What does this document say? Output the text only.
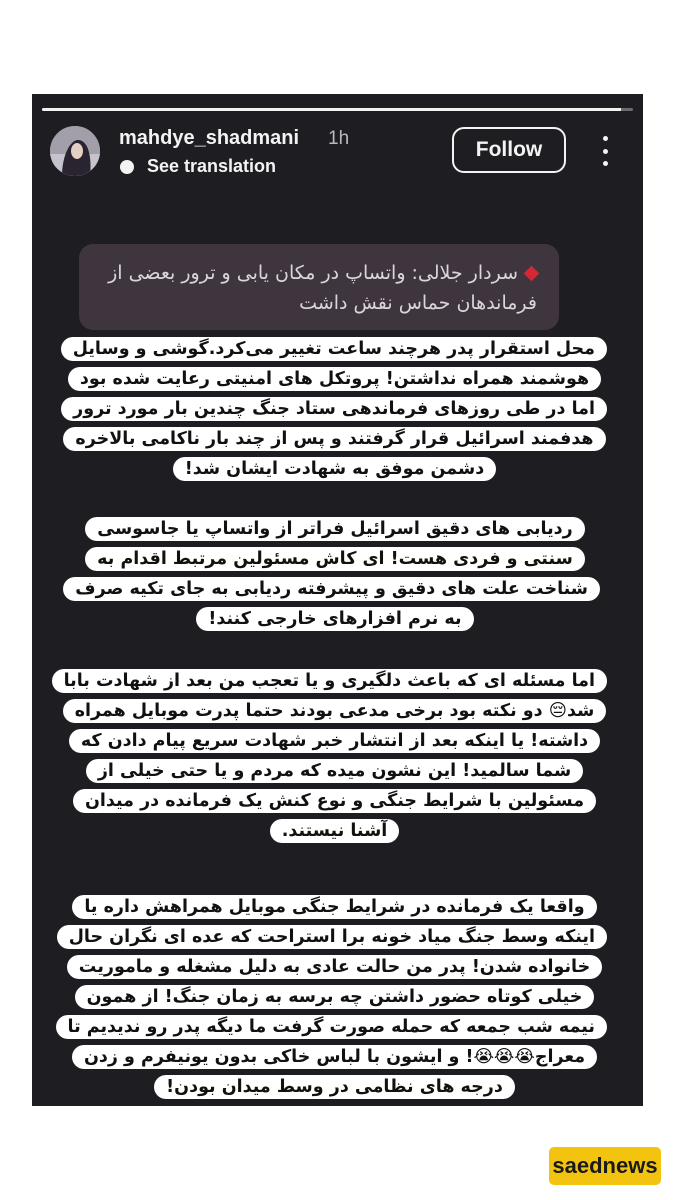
mahdye_shadmani 1h
See translation
Follow
سردار جلالی: واتساپ در مکان یابی و ترور بعضی از فرماندهان حماس نقش داشت
محل استقرار پدر هرچند ساعت تغییر می‌کرد.گوشی و وسایل هوشمند همراه نداشتن! پروتکل های امنیتی رعایت شده بود اما در طی روزهای فرماندهی ستاد جنگ چندین بار مورد ترور هدفمند اسرائیل قرار گرفتند و پس از چند بار ناکامی بالاخره دشمن موفق به شهادت ایشان شد!
ردیابی های دقیق اسرائیل فراتر از واتساپ یا جاسوسی سنتی و فردی هست! ای کاش مسئولین مرتبط اقدام به شناخت علت های دقیق و پیشرفته ردیابی به جای تکیه صرف به نرم افزارهای خارجی کنند!
اما مسئله ای که باعث دلگیری و یا تعجب من بعد از شهادت بابا شد😔 دو نکته بود برخی مدعی بودند حتما پدرت موبایل همراه داشته! یا اینکه بعد از انتشار خبر شهادت سریع پیام دادن که شما سالمید! این نشون میده که مردم و یا حتی خیلی از مسئولین با شرایط جنگی و نوع کنش یک فرمانده در میدان آشنا نیستند.
واقعا یک فرمانده در شرایط جنگی موبایل همراهش داره یا اینکه وسط جنگ میاد خونه برا استراحت که عده ای نگران حال خانواده شدن! پدر من حالت عادی به دلیل مشغله و ماموریت خیلی کوتاه حضور داشتن چه برسه به زمان جنگ! از همون نیمه شب جمعه که حمله صورت گرفت ما دیگه پدر رو ندیدیم تا معراج😭😭😭! و ایشون با لباس خاکی بدون یونیفرم و زدن درجه های نظامی در وسط میدان بودن!
saednews
